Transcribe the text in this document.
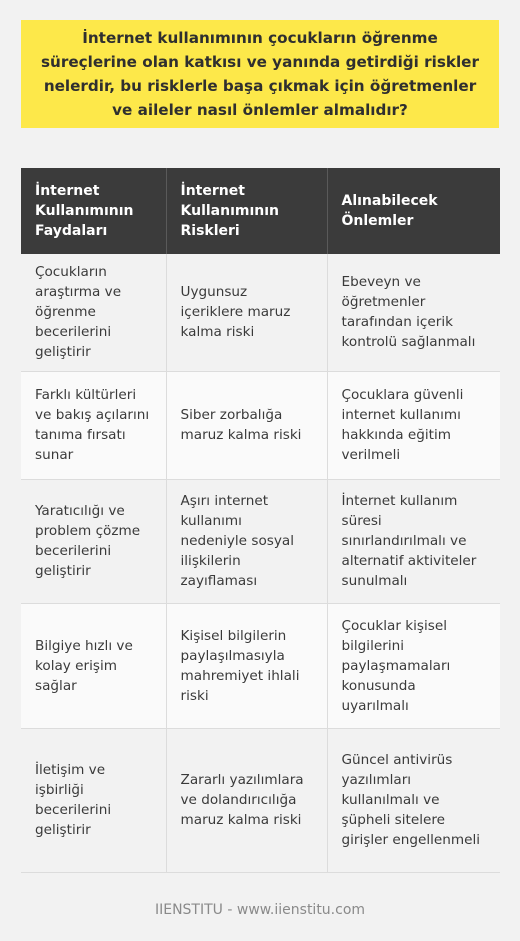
İnternet kullanımının çocukların öğrenme süreçlerine olan katkısı ve yanında getirdiği riskler nelerdir, bu risklerle başa çıkmak için öğretmenler ve aileler nasıl önlemler almalıdır?

İnternet Kullanımının Faydaları	İnternet Kullanımının Riskleri	Alınabilecek Önlemler
Çocukların araştırma ve öğrenme becerilerini geliştirir	Uygunsuz içeriklere maruz kalma riski	Ebeveyn ve öğretmenler tarafından içerik kontrolü sağlanmalı
Farklı kültürleri ve bakış açılarını tanıma fırsatı sunar	Siber zorbalığa maruz kalma riski	Çocuklara güvenli internet kullanımı hakkında eğitim verilmeli
Yaratıcılığı ve problem çözme becerilerini geliştirir	Aşırı internet kullanımı nedeniyle sosyal ilişkilerin zayıflaması	İnternet kullanım süresi sınırlandırılmalı ve alternatif aktiviteler sunulmalı
Bilgiye hızlı ve kolay erişim sağlar	Kişisel bilgilerin paylaşılmasıyla mahremiyet ihlali riski	Çocuklar kişisel bilgilerini paylaşmamaları konusunda uyarılmalı
İletişim ve işbirliği becerilerini geliştirir	Zararlı yazılımlara ve dolandırıcılığa maruz kalma riski	Güncel antivirüs yazılımları kullanılmalı ve şüpheli sitelere girişler engellenmeli
IIENSTITU - www.iienstitu.com
